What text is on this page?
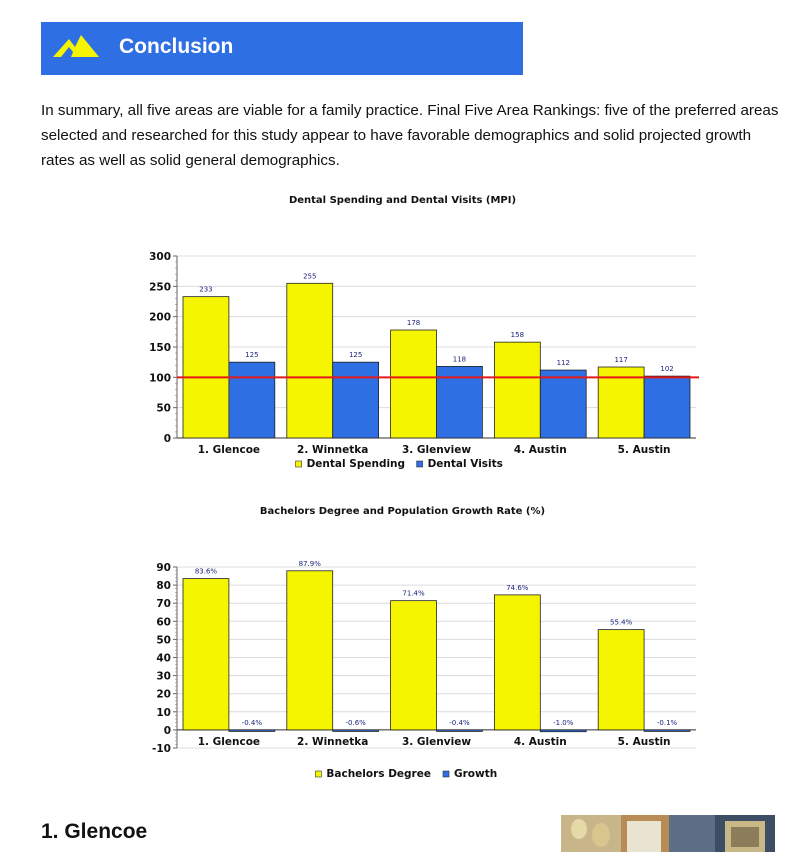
Conclusion
In summary, all five areas are viable for a family practice. Final Five Area Rankings: five of the preferred areas selected and researched for this study appear to have favorable demographics and solid projected growth rates as well as solid general demographics.
Dental Spending and Dental Visits (MPI)
300
250
200
150
100
50
0
233
125
1. Glencoe
255
125
2. Winnetka
178
118
3. Glenview
158
112
4. Austin
117
102
5. Austin
Dental Spending Dental Visits
Bachelors Degree and Population Growth Rate (%)
90
80
70
60
50
40
30
20
10
0
-10
83.6%
-0.4%
1. Glencoe
87.9%
-0.6%
2. Winnetka
71.4%
-0.4%
3. Glenview
74.6%
-1.0%
4. Austin
55.4%
-0.1%
5. Austin
Bachelors Degree Growth
1. Glencoe
